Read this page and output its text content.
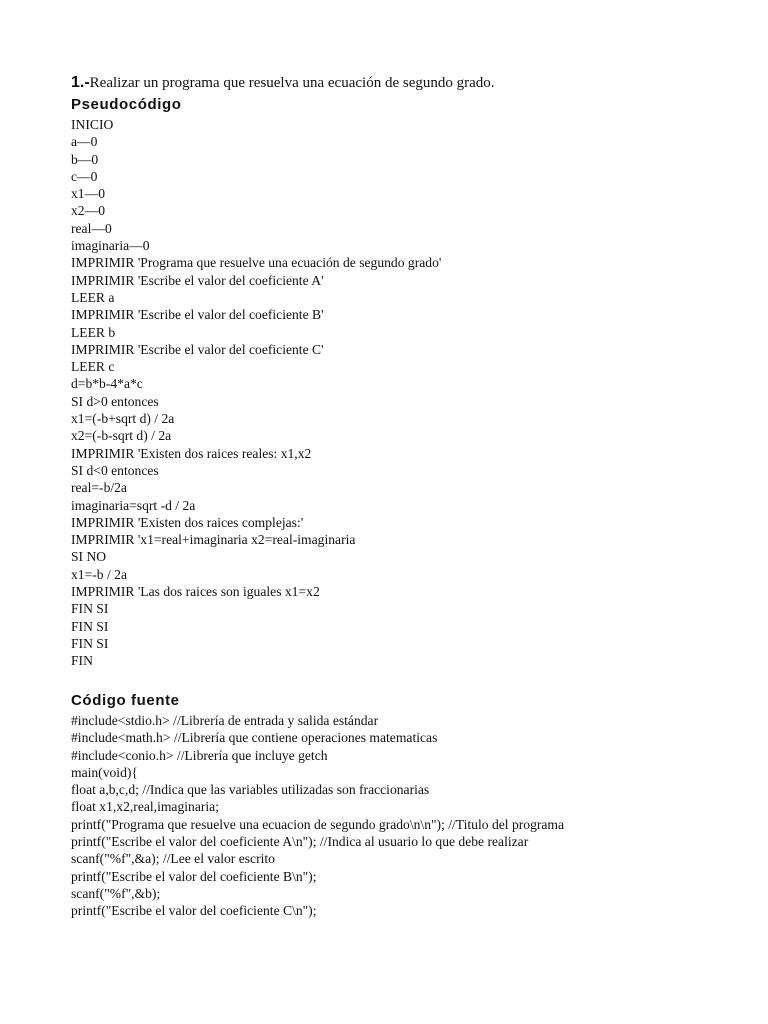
1.-Realizar un programa que resuelva una ecuación de segundo grado.
Pseudocódigo
INICIO
a—0
b—0
c—0
x1—0
x2—0
real—0
imaginaria—0
IMPRIMIR 'Programa que resuelve una ecuación de segundo grado'
IMPRIMIR 'Escribe el valor del coeficiente A'
LEER a
IMPRIMIR 'Escribe el valor del coeficiente B'
LEER b
IMPRIMIR 'Escribe el valor del coeficiente C'
LEER c
d=b*b-4*a*c
SI d>0 entonces
x1=(-b+sqrt d) / 2a
x2=(-b-sqrt d) / 2a
IMPRIMIR 'Existen dos raices reales: x1,x2
SI d<0 entonces
real=-b/2a
imaginaria=sqrt -d / 2a
IMPRIMIR 'Existen dos raices complejas:'
IMPRIMIR 'x1=real+imaginaria x2=real-imaginaria
SI NO
x1=-b / 2a
IMPRIMIR 'Las dos raices son iguales x1=x2
FIN SI
FIN SI
FIN SI
FIN
Código fuente
#include<stdio.h> //Librería de entrada y salida estándar
#include<math.h> //Librería que contiene operaciones matematicas
#include<conio.h> //Librería que incluye getch
main(void){
float a,b,c,d; //Indica que las variables utilizadas son fraccionarias
float x1,x2,real,imaginaria;
printf("Programa que resuelve una ecuacion de segundo grado\n\n"); //Titulo del programa
printf("Escribe el valor del coeficiente A\n"); //Indica al usuario lo que debe realizar
scanf("%f",&a); //Lee el valor escrito
printf("Escribe el valor del coeficiente B\n");
scanf("%f",&b);
printf("Escribe el valor del coeficiente C\n");
